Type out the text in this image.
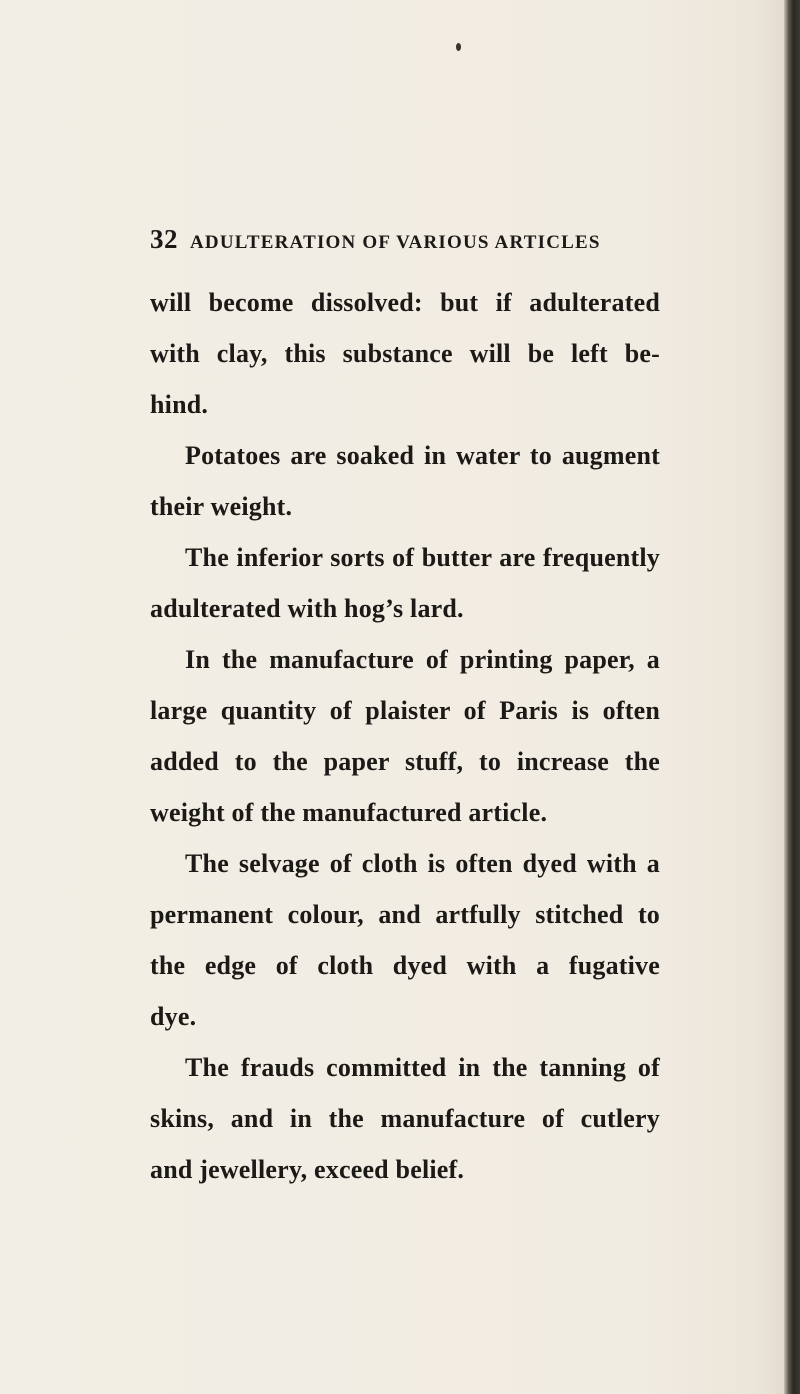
32 ADULTERATION OF VARIOUS ARTICLES

will become dissolved: but if adulterated
with clay, this substance will be left be-
hind.

Potatoes are soaked in water to augment
their weight.

The inferior sorts of butter are frequently
adulterated with hog’s lard.

In the manufacture of printing paper, a
large quantity of plaister of Paris is often
added to the paper stuff, to increase the
weight of the manufactured article.

The selvage of cloth is often dyed with a
permanent colour, and artfully stitched to
the edge of cloth dyed with a fugative
dye.

The frauds committed in the tanning of
skins, and in the manufacture of cutlery
and jewellery, exceed belief.
